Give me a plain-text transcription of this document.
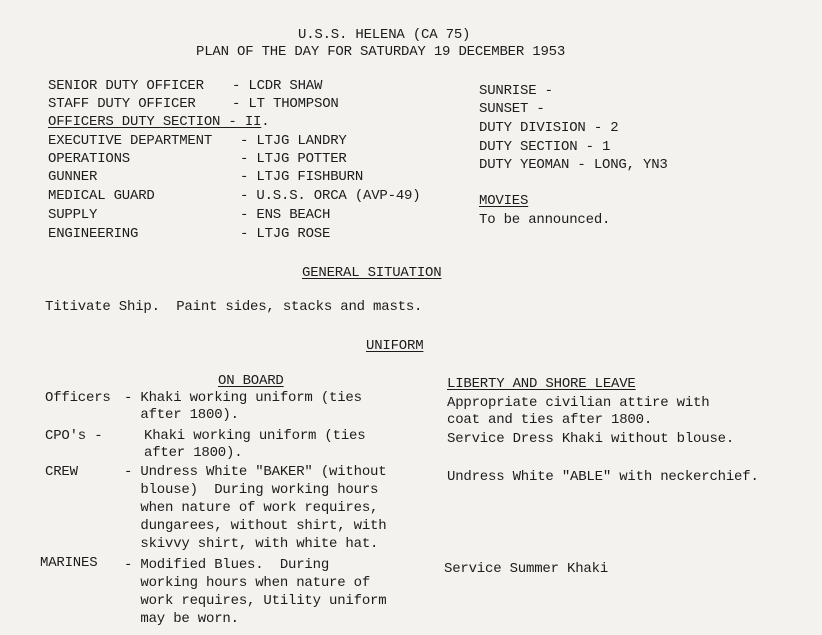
U.S.S. HELENA (CA 75)
PLAN OF THE DAY FOR SATURDAY 19 DECEMBER 1953
SENIOR DUTY OFFICER - LCDR SHAW
STAFF DUTY OFFICER	- LT THOMPSON
OFFICERS DUTY SECTION - II.
EXECUTIVE DEPARTMENT - LTJG LANDRY
OPERATIONS	- LTJG POTTER
GUNNER	- LTJG FISHBURN
MEDICAL GUARD	- U.S.S. ORCA (AVP-49)
SUPPLY	- ENS BEACH
ENGINEERING	- LTJG ROSE
SUNRISE -
SUNSET -
DUTY DIVISION - 2
DUTY SECTION - 1
DUTY YEOMAN - LONG, YN3
MOVIES
To be announced.
GENERAL SITUATION
Titivate Ship.  Paint sides, stacks and masts.
UNIFORM
ON BOARD	LIBERTY AND SHORE LEAVE
Officers - Khaki working uniform (ties
after 1800).
Appropriate civilian attire with
coat and ties after 1800.
CPO's -	Khaki working uniform (ties
after 1800).
Service Dress Khaki without blouse.
CREW	- Undress White "BAKER" (without
blouse)  During working hours
when nature of work requires,
dungarees, without shirt, with
skivvy shirt, with white hat.
Undress White "ABLE" with neckerchief.
MARINES - Modified Blues.  During
working hours when nature of
work requires, Utility uniform
may be worn.
Service Summer Khaki
